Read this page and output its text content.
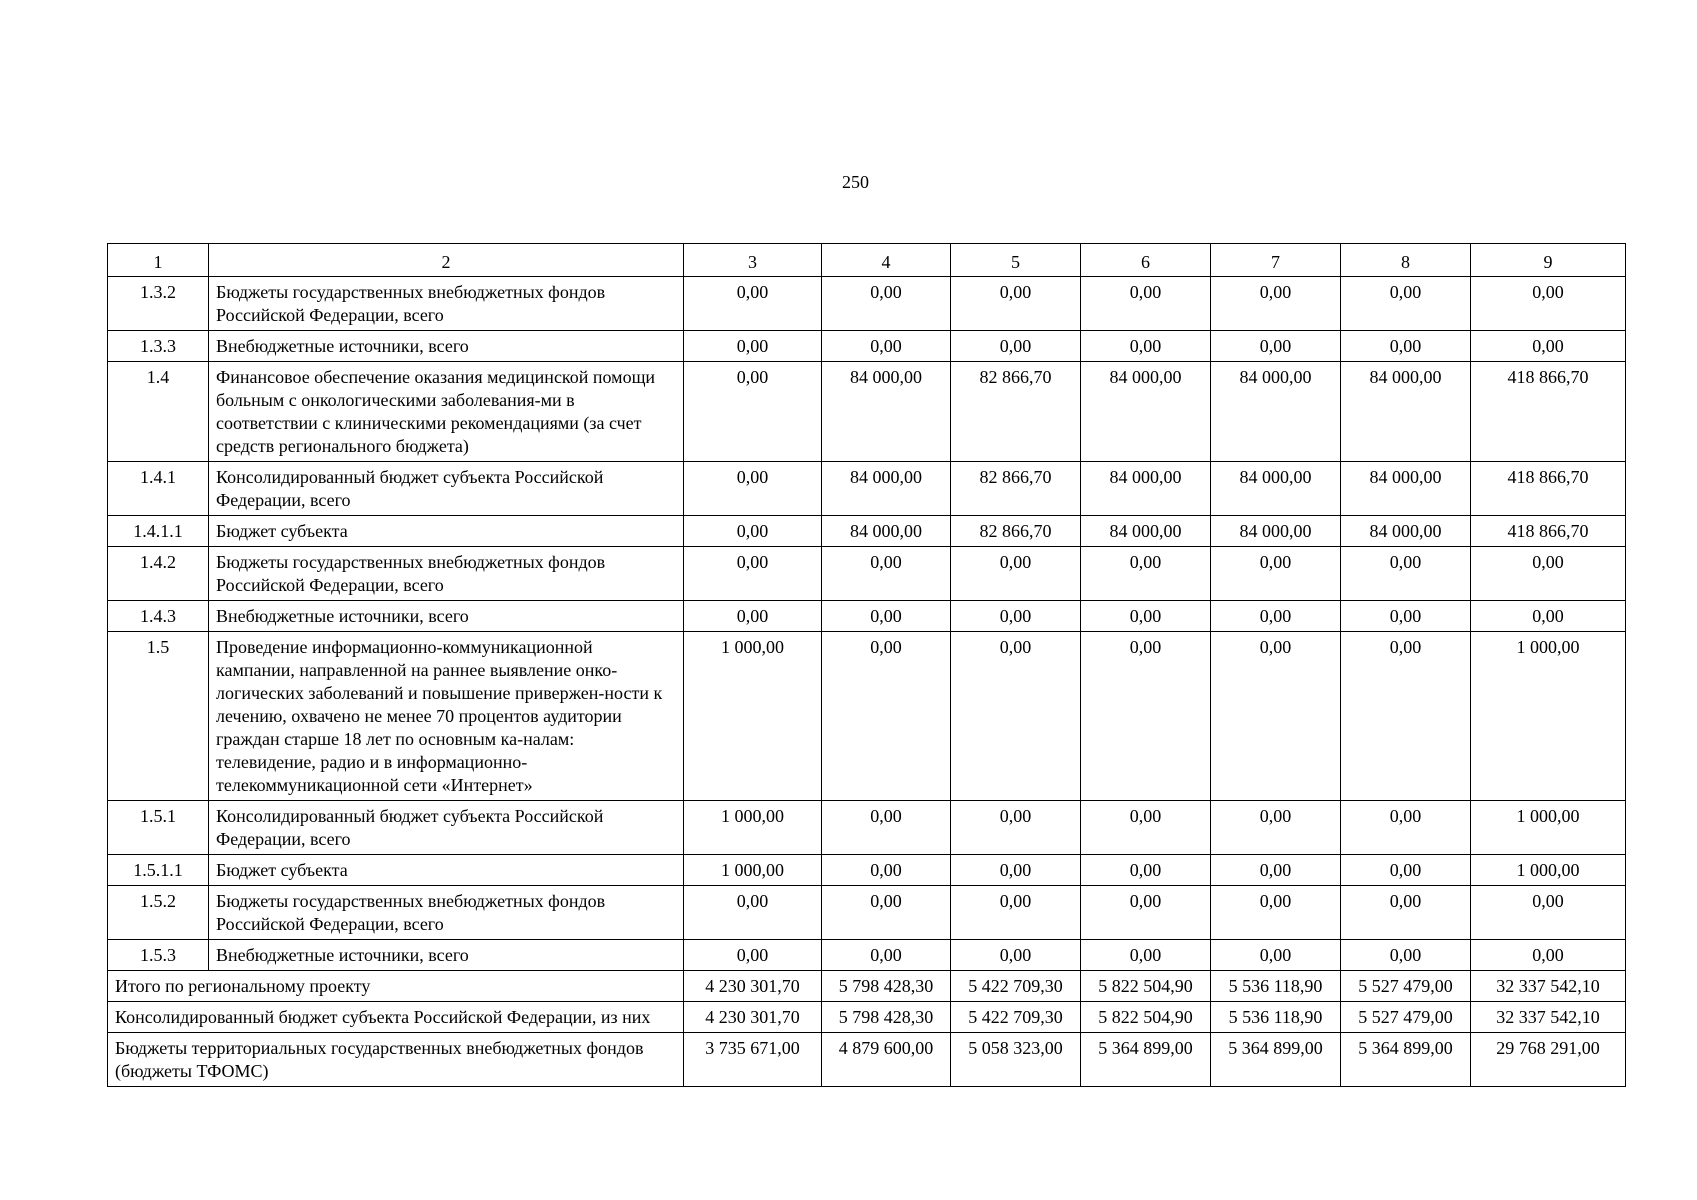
250
1	2	3	4	5	6	7	8	9
1.3.2	Бюджеты государственных внебюджетных фондов Российской Федерации, всего	0,00	0,00	0,00	0,00	0,00	0,00	0,00
1.3.3	Внебюджетные источники, всего	0,00	0,00	0,00	0,00	0,00	0,00	0,00
1.4	Финансовое обеспечение оказания медицинской помощи больным с онкологическими заболевания-ми в соответствии с клиническими рекомендациями (за счет средств регионального бюджета)	0,00	84 000,00	82 866,70	84 000,00	84 000,00	84 000,00	418 866,70
1.4.1	Консолидированный бюджет субъекта Российской Федерации, всего	0,00	84 000,00	82 866,70	84 000,00	84 000,00	84 000,00	418 866,70
1.4.1.1	Бюджет субъекта	0,00	84 000,00	82 866,70	84 000,00	84 000,00	84 000,00	418 866,70
1.4.2	Бюджеты государственных внебюджетных фондов Российской Федерации, всего	0,00	0,00	0,00	0,00	0,00	0,00	0,00
1.4.3	Внебюджетные источники, всего	0,00	0,00	0,00	0,00	0,00	0,00	0,00
1.5	Проведение информационно-коммуникационной кампании, направленной на раннее выявление онко-логических заболеваний и повышение привержен-ности к лечению, охвачено не менее 70 процентов аудитории граждан старше 18 лет по основным ка-налам: телевидение, радио и в информационно-телекоммуникационной сети «Интернет»	1 000,00	0,00	0,00	0,00	0,00	0,00	1 000,00
1.5.1	Консолидированный бюджет субъекта Российской Федерации, всего	1 000,00	0,00	0,00	0,00	0,00	0,00	1 000,00
1.5.1.1	Бюджет субъекта	1 000,00	0,00	0,00	0,00	0,00	0,00	1 000,00
1.5.2	Бюджеты государственных внебюджетных фондов Российской Федерации, всего	0,00	0,00	0,00	0,00	0,00	0,00	0,00
1.5.3	Внебюджетные источники, всего	0,00	0,00	0,00	0,00	0,00	0,00	0,00
Итого по региональному проекту		4 230 301,70	5 798 428,30	5 422 709,30	5 822 504,90	5 536 118,90	5 527 479,00	32 337 542,10
Консолидированный бюджет субъекта Российской Федерации, из них		4 230 301,70	5 798 428,30	5 422 709,30	5 822 504,90	5 536 118,90	5 527 479,00	32 337 542,10
Бюджеты территориальных государственных внебюджетных фондов (бюджеты ТФОМС)		3 735 671,00	4 879 600,00	5 058 323,00	5 364 899,00	5 364 899,00	5 364 899,00	29 768 291,00
